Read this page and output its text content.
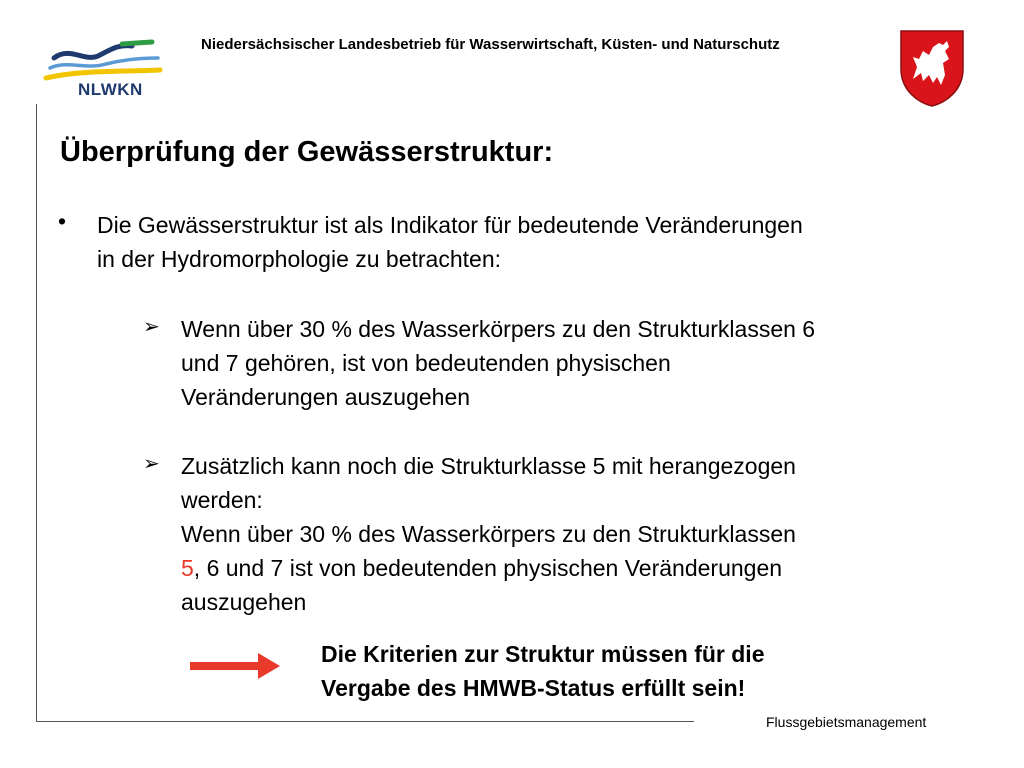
NLWKN
Niedersächsischer Landesbetrieb für Wasserwirtschaft, Küsten- und Naturschutz
Überprüfung der Gewässerstruktur:
• Die Gewässerstruktur ist als Indikator für bedeutende Veränderungen
in der Hydromorphologie zu betrachten:
➢ Wenn über 30 % des Wasserkörpers zu den Strukturklassen 6
und 7 gehören, ist von bedeutenden physischen
Veränderungen auszugehen
➢ Zusätzlich kann noch die Strukturklasse 5 mit herangezogen
werden:
Wenn über 30 % des Wasserkörpers zu den Strukturklassen
5, 6 und 7 ist von bedeutenden physischen Veränderungen
auszugehen
Die Kriterien zur Struktur müssen für die
Vergabe des HMWB-Status erfüllt sein!
Flussgebietsmanagement
